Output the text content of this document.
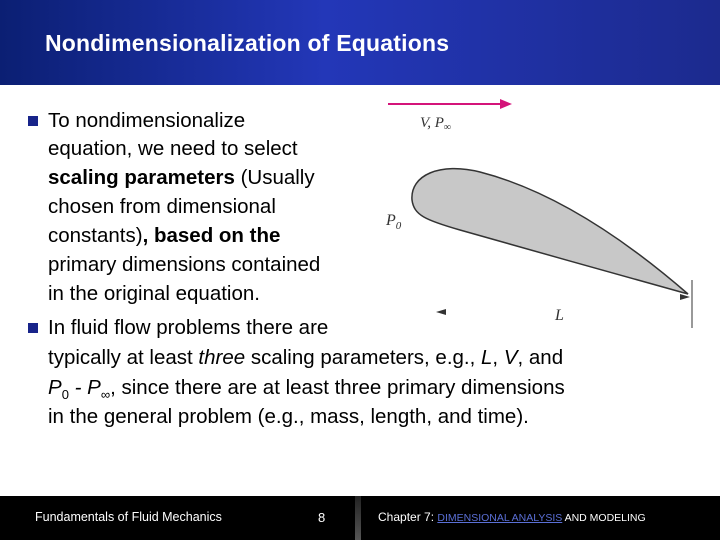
Nondimensionalization of Equations
To nondimensionalize
equation, we need to select
scaling parameters (Usually
chosen from dimensional
constants), based on the
primary dimensions contained
in the original equation.
In fluid flow problems there are
typically at least three scaling parameters, e.g., L, V, and
$P_0 - P_\infty$, since there are at least three primary dimensions
in the general problem (e.g., mass, length, and time).
V, $P_\infty$
$P_0$
L
Fundamentals of Fluid Mechanics	8	Chapter 7: DIMENSIONAL ANALYSIS AND MODELING
